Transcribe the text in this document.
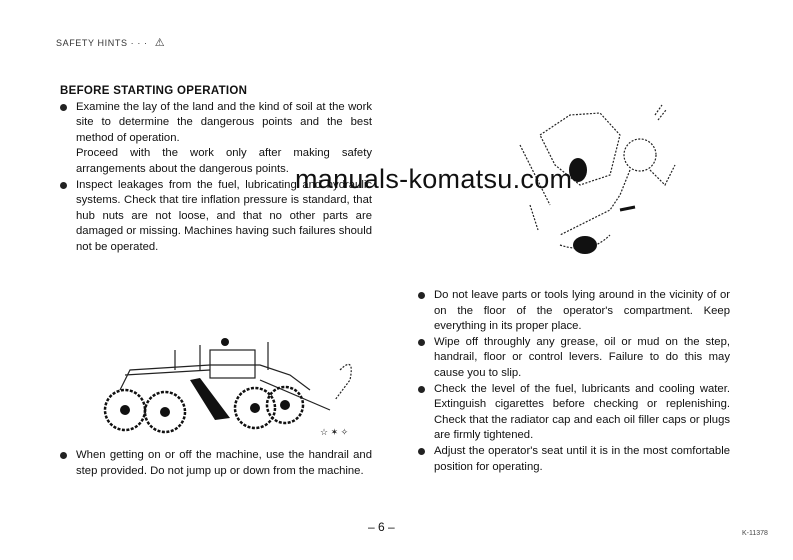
SAFETY HINTS · · · ⚠
BEFORE STARTING OPERATION

Examine the lay of the land and the kind of soil at the work site to determine the dangerous points and the best method of operation.

Proceed with the work only after making safety arrangements about the dangerous points.

Inspect leakages from the fuel, lubricating and hydraulic systems. Check that tire inflation pressure is standard, that hub nuts are not loose, and that no other parts are damaged or missing. Machines having such failures should not be operated.

manuals-komatsu.com
☆ ✶ ✧

When getting on or off the machine, use the handrail and step provided. Do not jump up or down from the machine.

Do not leave parts or tools lying around in the vicinity of or on the floor of the operator's compartment. Keep everything in its proper place.

Wipe off throughly any grease, oil or mud on the step, handrail, floor or control levers. Failure to do this may cause you to slip.

Check the level of the fuel, lubricants and cooling water. Extinguish cigarettes before checking or replenishing. Check that the radiator cap and each oil filler caps or plugs are firmly tightened.

Adjust the operator's seat until it is in the most comfortable position for operating.

– 6 –	K-11378
